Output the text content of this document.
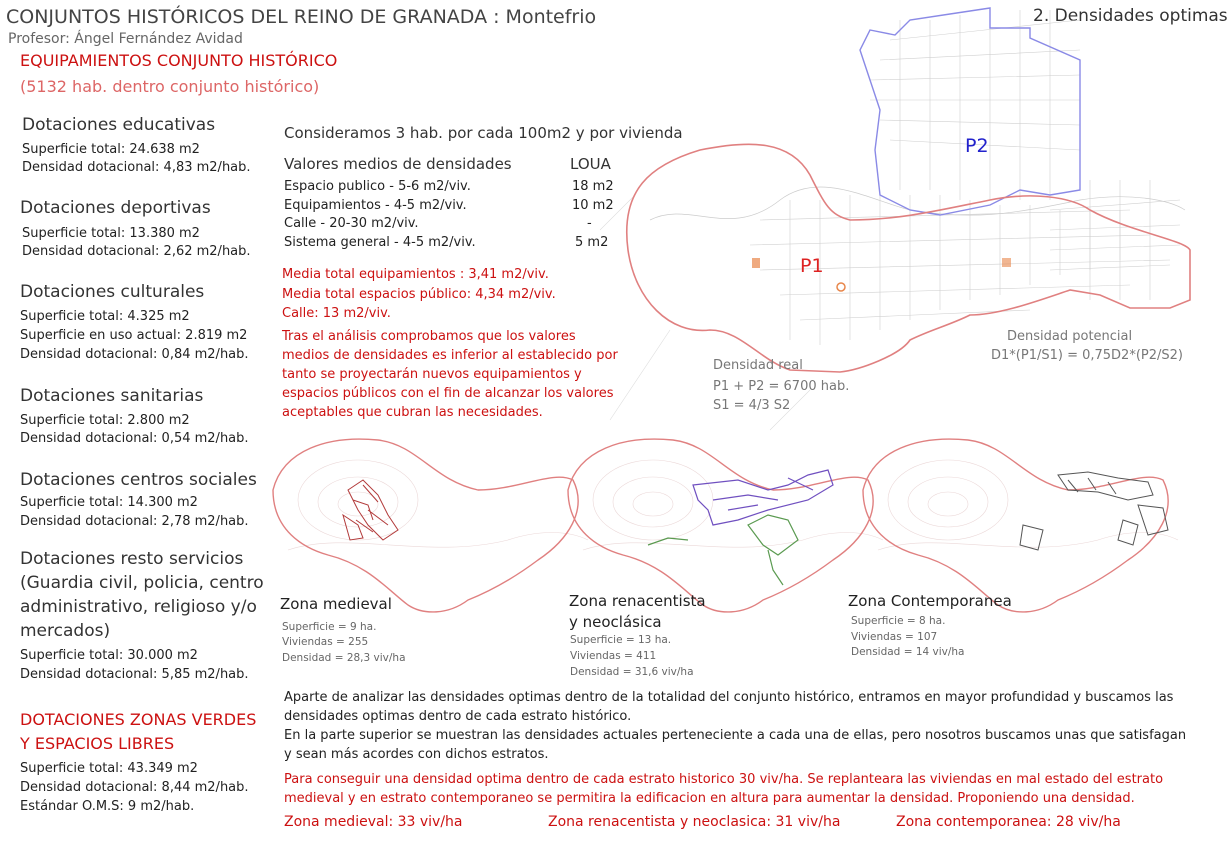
CONJUNTOS HISTÓRICOS DEL REINO DE GRANADA : Montefrio
Profesor: Ángel Fernández Avidad
2. Densidades optimas
EQUIPAMIENTOS CONJUNTO HISTÓRICO
(5132 hab. dentro conjunto histórico)
Dotaciones educativas
Superficie total: 24.638 m2
Densidad dotacional: 4,83 m2/hab.
Dotaciones deportivas
Superficie total: 13.380 m2
Densidad dotacional: 2,62 m2/hab.
Dotaciones culturales
Superficie total: 4.325 m2
Superficie en uso actual: 2.819 m2
Densidad dotacional: 0,84 m2/hab.
Dotaciones sanitarias
Superficie total: 2.800 m2
Densidad dotacional: 0,54 m2/hab.
Dotaciones centros sociales
Superficie total: 14.300 m2
Densidad dotacional: 2,78 m2/hab.
Dotaciones resto servicios
(Guardia civil, policia, centro
administrativo, religioso y/o
mercados)
Superficie total: 30.000 m2
Densidad dotacional: 5,85 m2/hab.
DOTACIONES ZONAS VERDES
Y ESPACIOS LIBRES
Superficie total: 43.349 m2
Densidad dotacional: 8,44 m2/hab.
Estándar O.M.S: 9 m2/hab.
Consideramos 3 hab. por cada 100m2 y por vivienda
Valores medios de densidades	LOUA
Espacio publico - 5-6 m2/viv.	18 m2
Equipamientos - 4-5 m2/viv.	10 m2
Calle - 20-30 m2/viv.	-
Sistema general - 4-5 m2/viv.	5 m2
Media total equipamientos : 3,41 m2/viv.
Media total espacios público: 4,34 m2/viv.
Calle: 13 m2/viv.
Tras el análisis comprobamos que los valores
medios de densidades es inferior al establecido por
tanto se proyectarán nuevos equipamientos y
espacios públicos con el fin de alcanzar los valores
aceptables que cubran las necesidades.
P1
P2
Densidad real
P1 + P2 = 6700 hab.
S1 = 4/3 S2
Densidad potencial
D1*(P1/S1) = 0,75D2*(P2/S2)
Zona medieval
Superficie = 9 ha.
Viviendas = 255
Densidad = 28,3 viv/ha
Zona renacentista
y neoclásica
Superficie = 13 ha.
Viviendas = 411
Densidad = 31,6 viv/ha
Zona Contemporanea
Superficie = 8 ha.
Viviendas = 107
Densidad = 14 viv/ha
Aparte de analizar las densidades optimas dentro de la totalidad del conjunto histórico, entramos en mayor profundidad y buscamos las
densidades optimas dentro de cada estrato histórico.
En la parte superior se muestran las densidades actuales perteneciente a cada una de ellas, pero nosotros buscamos unas que satisfagan
y sean más acordes con dichos estratos.
Para conseguir una densidad optima dentro de cada estrato historico 30 viv/ha. Se replanteara las viviendas en mal estado del estrato
medieval y en estrato contemporaneo se permitira la edificacion en altura para aumentar la densidad. Proponiendo una densidad.
Zona medieval: 33 viv/ha	Zona renacentista y neoclasica: 31 viv/ha	Zona contemporanea: 28 viv/ha
